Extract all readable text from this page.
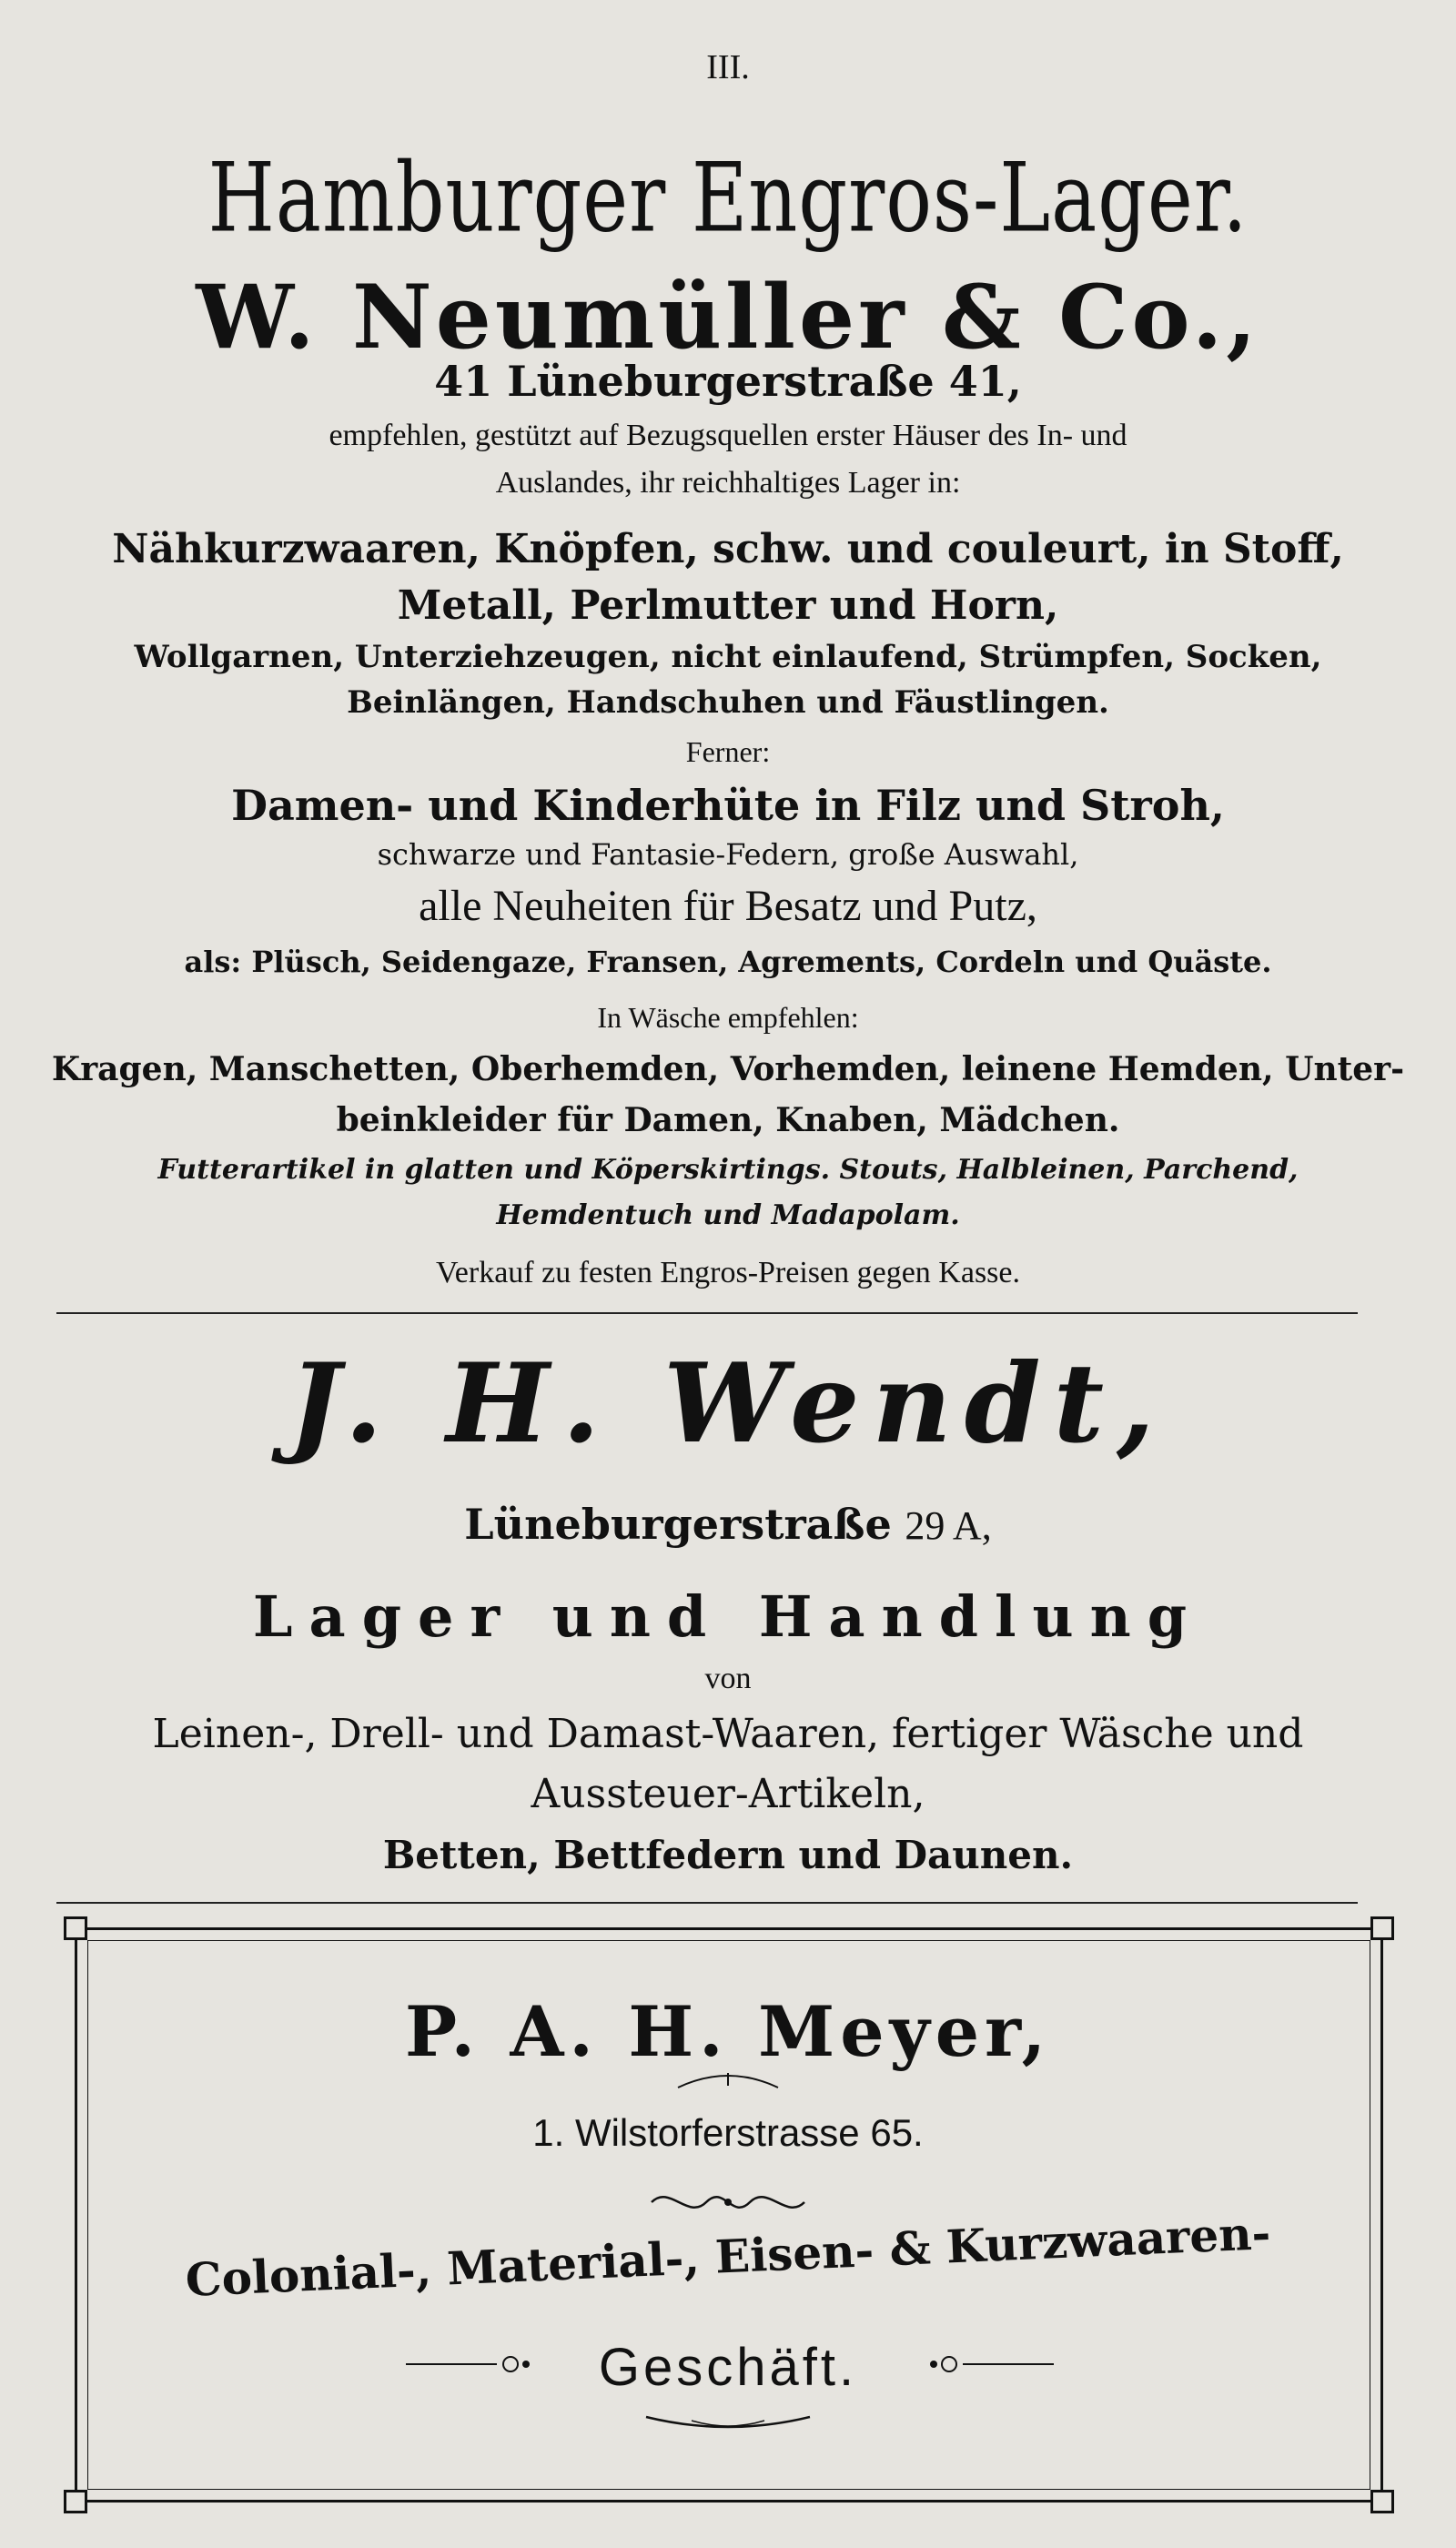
III.
Hamburger Engros-Lager.
W. Neumüller & Co.,
41 Lüneburgerstraße 41,
empfehlen, gestützt auf Bezugsquellen erster Häuser des In- und
Auslandes, ihr reichhaltiges Lager in:
Nähkurzwaaren, Knöpfen, schw. und couleurt, in Stoff,
Metall, Perlmutter und Horn,
Wollgarnen, Unterziehzeugen, nicht einlaufend, Strümpfen, Socken,
Beinlängen, Handschuhen und Fäustlingen.
Ferner:
Damen- und Kinderhüte in Filz und Stroh,
schwarze und Fantasie-Federn, große Auswahl,
alle Neuheiten für Besatz und Putz,
als: Plüsch, Seidengaze, Fransen, Agrements, Cordeln und Quäste.
In Wäsche empfehlen:
Kragen, Manschetten, Oberhemden, Vorhemden, leinene Hemden, Unter-
beinkleider für Damen, Knaben, Mädchen.
Futterartikel in glatten und Köperskirtings. Stouts, Halbleinen, Parchend,
Hemdentuch und Madapolam.
Verkauf zu festen Engros-Preisen gegen Kasse.
J. H. Wendt,
Lüneburgerstraße 29 A,
Lager und Handlung
von
Leinen-, Drell- und Damast-Waaren, fertiger Wäsche und
Aussteuer-Artikeln,
Betten, Bettfedern und Daunen.
P. A. H. Meyer,
1. Wilstorferstrasse 65.
Colonial-, Material-, Eisen- & Kurzwaaren-
Geschäft.
